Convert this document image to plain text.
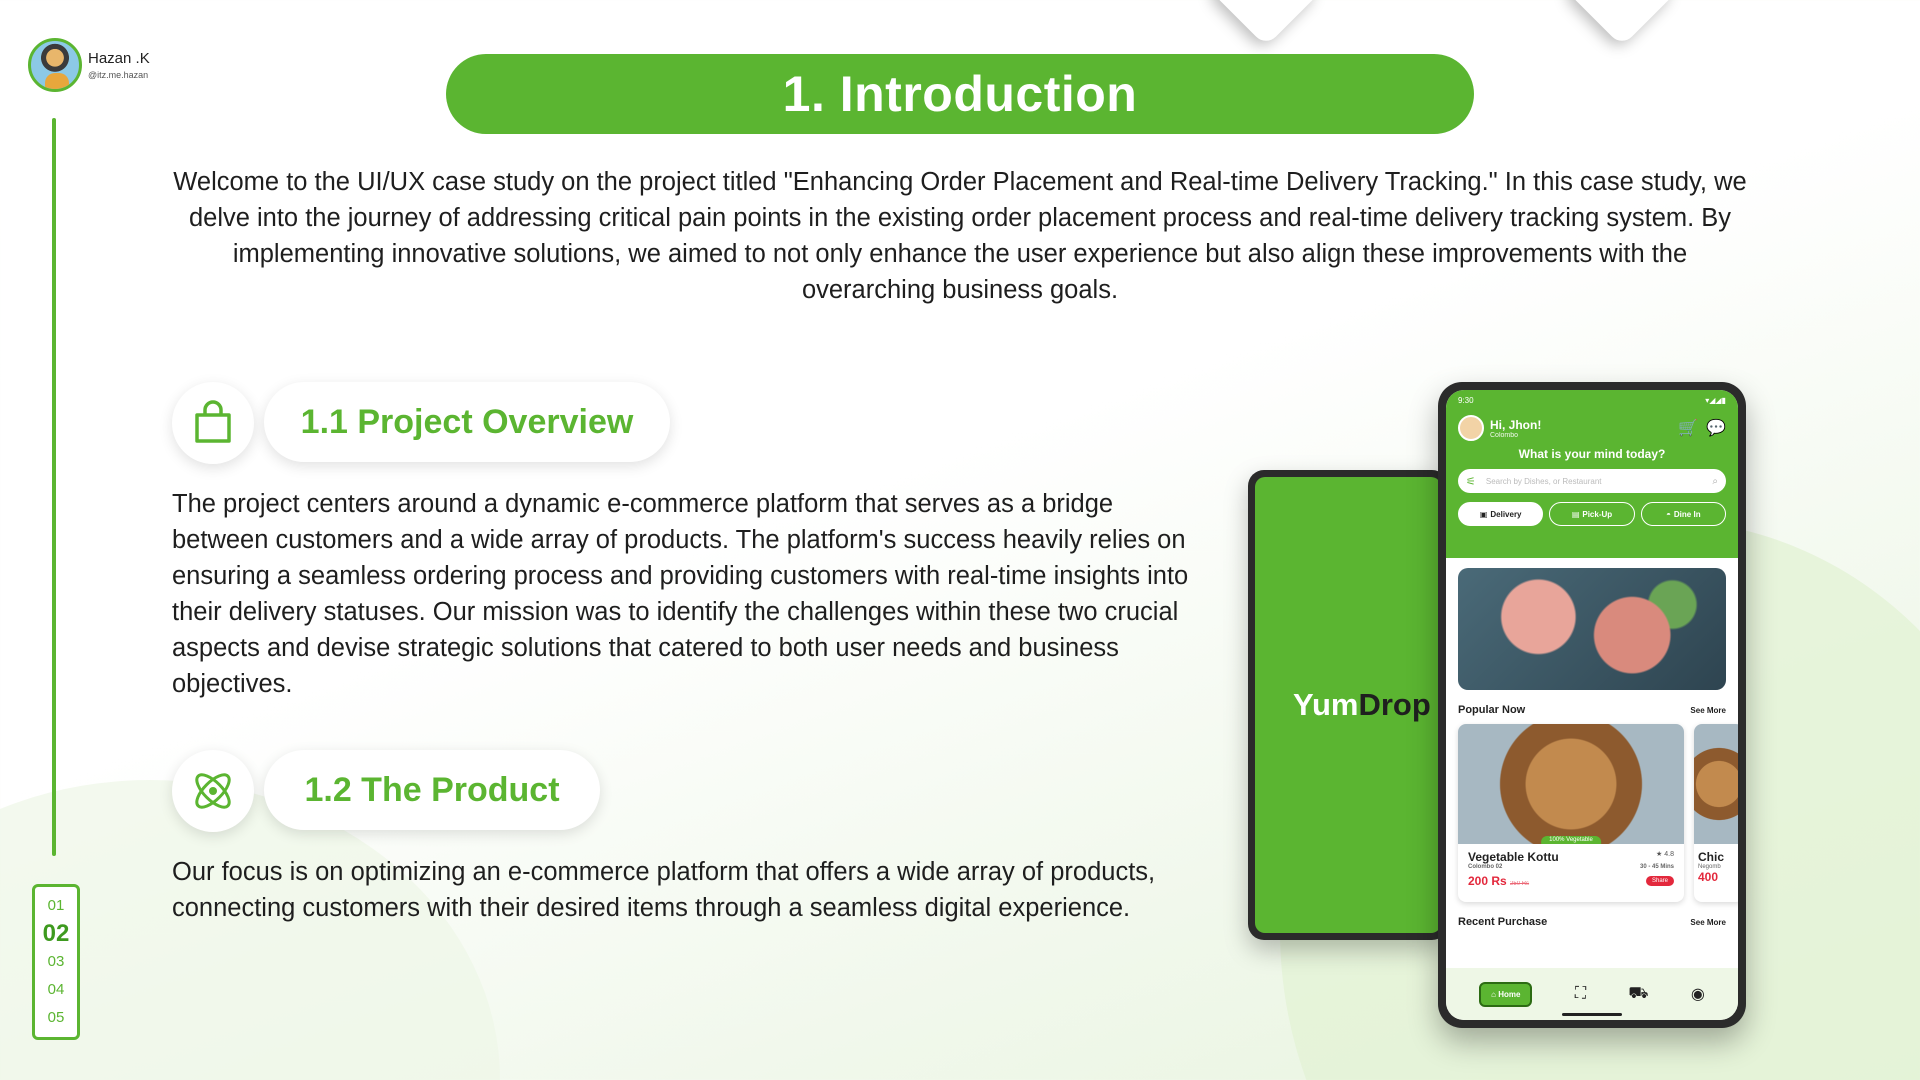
Hazan .K
@itz.me.hazan
01
02
03
04
05
1. Introduction
Welcome to the UI/UX case study on the project titled "Enhancing Order Placement and Real-time Delivery Tracking." In this case study, we delve into the journey of addressing critical pain points in the existing order placement process and real-time delivery tracking system. By implementing innovative solutions, we aimed to not only enhance the user experience but also align these improvements with the overarching business goals.
1.1 Project Overview
The project centers around a dynamic e-commerce platform that serves as a bridge between customers and a wide array of products. The platform's success heavily relies on ensuring a seamless ordering process and providing customers with real-time insights into their delivery statuses. Our mission was to identify the challenges within these two crucial aspects and devise strategic solutions that catered to both user needs and business objectives.
1.2 The Product
Our focus is on optimizing an e-commerce platform that offers a wide array of products, connecting customers with their desired items through a seamless digital experience.
YumDrop
9:30	▾◢◢▮
Hi, Jhon!
Colombo	🛒 💬
What is your mind today?
⚟ Search by Dishes, or Restaurant	⌕
▣ Delivery	▤ Pick-Up	◓ Dine In
Popular Now	See More
100% Vegetable
Vegetable Kottu	★ 4.8
Colombo 02	30 - 45 Mins
200 Rs 250 Rs	Share
Chic
Negomb
400
Recent Purchase	See More
⌂ Home	⛶	⛟	◉
